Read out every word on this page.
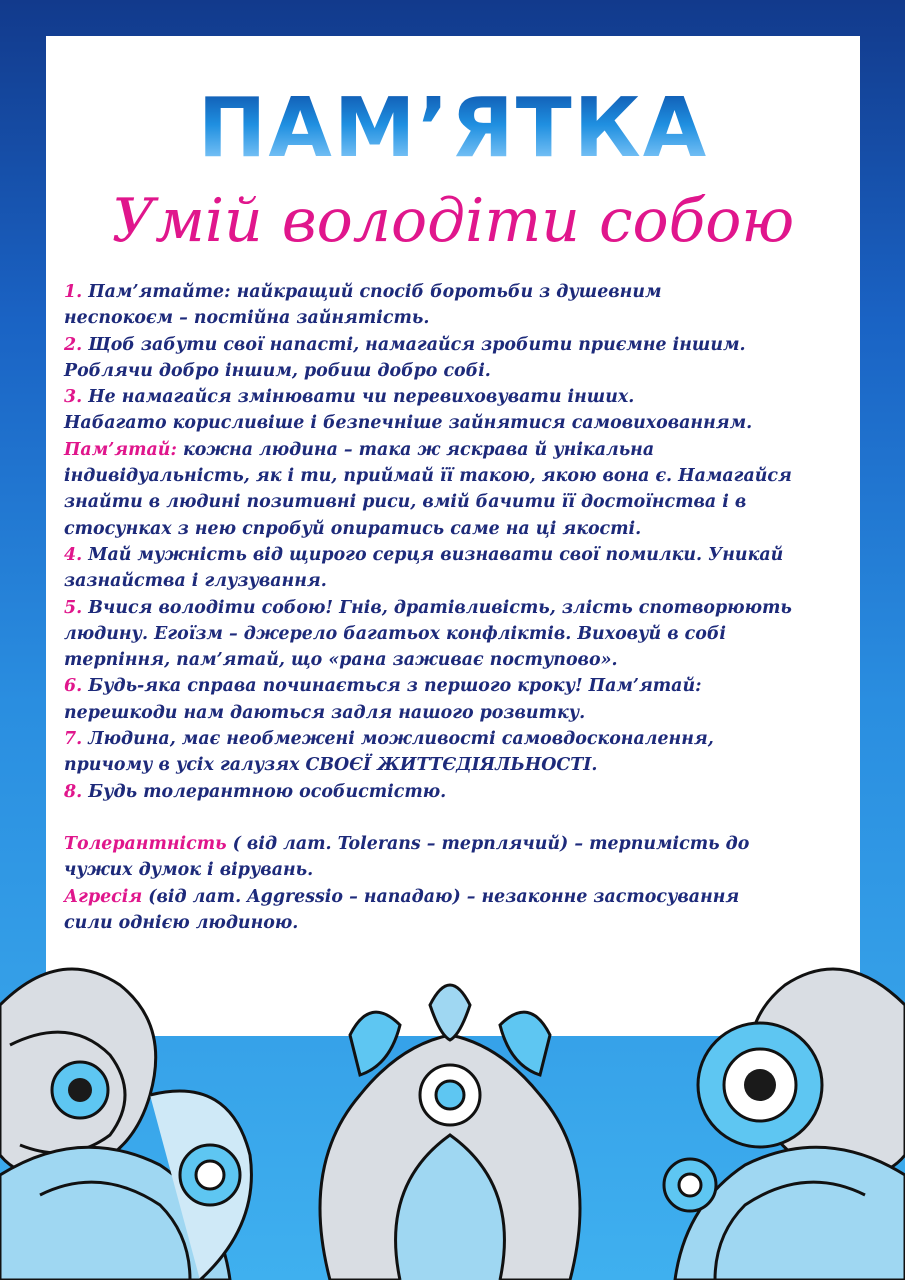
ПАМ’ЯТКА
Умій володіти собою
1. Пам’ятайте: найкращий спосіб боротьби з душевним
неспокоєм – постійна зайнятість.
2. Щоб забути свої напасті, намагайся зробити приємне іншим.
Роблячи добро іншим, робиш добро собі.
3. Не намагайся змінювати чи перевиховувати інших.
Набагато корисливіше і безпечніше зайнятися самовихованням.
Пам’ятай: кожна людина – така ж яскрава й унікальна
індивідуальність, як і ти, приймай її такою, якою вона є. Намагайся
знайти в людині позитивні риси, вмій бачити її достоїнства і в
стосунках з нею спробуй опиратись саме на ці якості.
4. Май мужність від щирого серця визнавати свої помилки. Уникай
зазнайства і глузування.
5. Вчися володіти собою! Гнів, дратівливість, злість спотворюють
людину. Егоїзм – джерело багатьох конфліктів. Виховуй в собі
терпіння, пам’ятай, що «рана заживає поступово».
6. Будь-яка справа починається з першого кроку! Пам’ятай:
перешкоди нам даються задля нашого розвитку.
7. Людина, має необмежені можливості самовдосконалення,
причому в усіх галузях СВОЄЇ ЖИТТЄДІЯЛЬНОСТІ.
8. Будь толерантною особистістю.
Толерантність ( від лат. Tolerans – терплячий) – терпимість до
чужих думок і вірувань.
Агресія (від лат. Aggressio – нападаю) – незаконне застосування
сили однією людиною.
